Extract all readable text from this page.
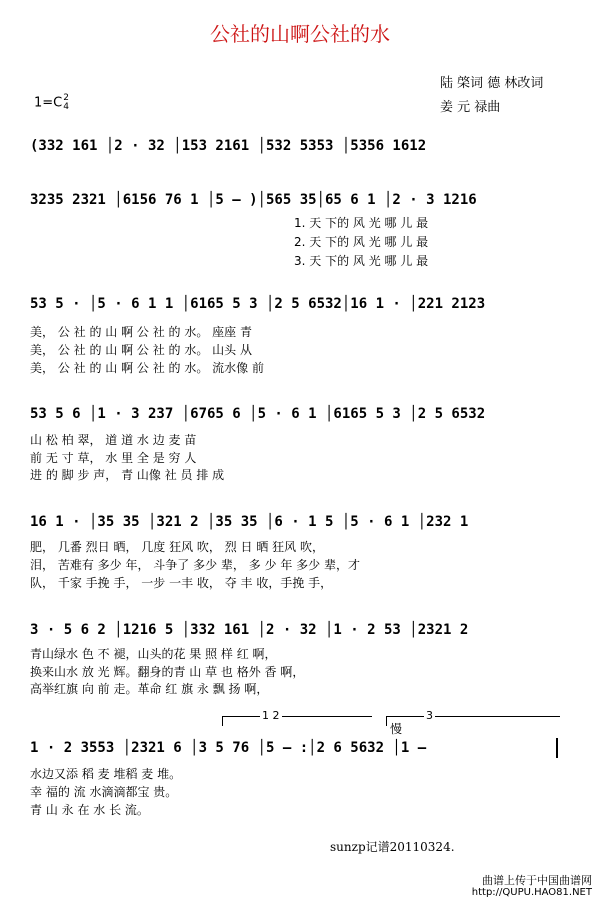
公社的山啊公社的水
陆 棨词 德 林改词
姜 元 禄曲
1=C 2
4
(332 161 │2 · 32 │153 2161 │532 5353 │5356 1612
3235 2321 │6156 76 1 │5 – )│565 35│65 6 1 │2 · 3 1216
1. 天 下的 风 光 哪 儿 最
2. 天 下的 风 光 哪 儿 最
3. 天 下的 风 光 哪 儿 最
53 5 · │5 · 6 1 1 │6165 5 3 │2 5 6532│16 1 · │221 2123
美， 公 社 的 山 啊 公 社 的 水。 座座 青
美， 公 社 的 山 啊 公 社 的 水。 山头 从
美， 公 社 的 山 啊 公 社 的 水。 流水像 前
53 5 6 │1 · 3 237 │6765 6 │5 · 6 1 │6165 5 3 │2 5 6532
山 松 柏 翠， 道 道 水 边 麦 苗
前 无 寸 草， 水 里 全 是 穷 人
进 的 脚 步 声， 青 山像 社 员 排 成
16 1 · │35 35 │321 2 │35 35 │6 · 1 5 │5 · 6 1 │232 1
肥， 几番 烈日 晒， 几度 狂风 吹， 烈 日 晒 狂风 吹，
泪， 苦难有 多少 年， 斗争了 多少 辈， 多 少 年 多少 辈，才
队， 千家 手挽 手， 一步 一丰 收， 夺 丰 收，手挽 手，
3 · 5 6 2 │1216 5 │332 161 │2 · 32 │1 · 2 53 │2321 2
青山绿水 色 不 褪，山头的花 果 照 样 红 啊，
换来山水 放 光 辉。翻身的青 山 草 也 格外 香 啊，
高举红旗 向 前 走。革命 红 旗 永 飘 扬 啊，
1 2	3
慢
1 · 2 3553 │2321 6 │3 5 76 │5 – :│2 6 5632 │1 –
水边又添 稻 麦 堆稻 麦 堆。
幸 福的 流 水滴滴都宝 贵。
青 山 永 在 水 长 流。
sunzp记谱20110324.
曲谱上传于中国曲谱网
http://QUPU.HAO81.NET
